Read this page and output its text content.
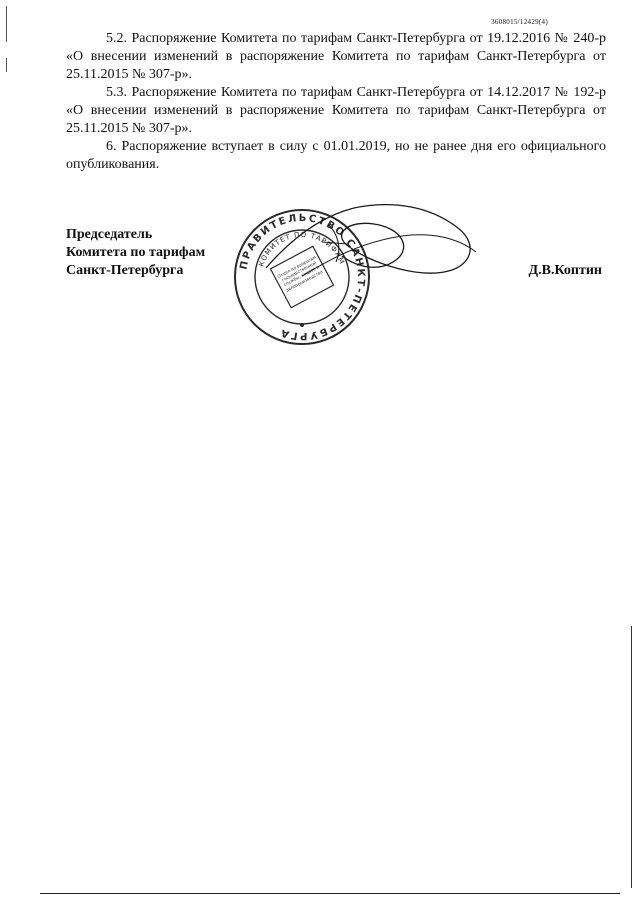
3608015/12429(4)

5.2. Распоряжение Комитета по тарифам Санкт-Петербурга от 19.12.2016 № 240-р «О внесении изменений в распоряжение Комитета по тарифам Санкт-Петербурга от 25.11.2015 № 307-р».

5.3. Распоряжение Комитета по тарифам Санкт-Петербурга от 14.12.2017 № 192-р «О внесении изменений в распоряжение Комитета по тарифам Санкт-Петербурга от 25.11.2015 № 307-р».

6. Распоряжение вступает в силу с 01.01.2019, но не ранее дня его официального опубликования.

Председатель
Комитета по тарифам
Санкт-Петербурга	Д.В.Коптин
ПРАВИТЕЛЬСТВО САНКТ-ПЕТЕРБУРГА
КОМИТЕТ ПО ТАРИФАМ
Отдел по вопросам государственной службы, кадров и делопроизводства
